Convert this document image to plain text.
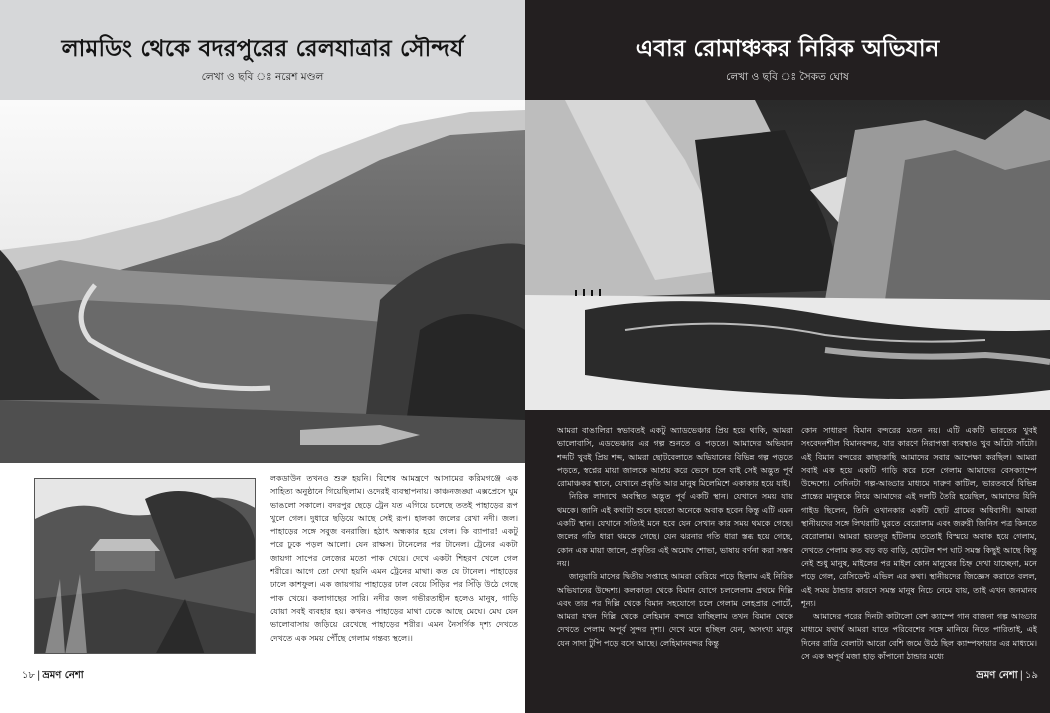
লামডিং থেকে বদরপুরের রেলযাত্রার সৌন্দর্য
লেখা ও ছবি ঃ নরেশ মণ্ডল
লকডাউন তখনও শুরু হয়নি। বিশেষ আমন্ত্রণে আসামের করিমগঞ্জে এক সাহিত্য অনুষ্ঠানে গিয়েছিলাম। ওদেরই ব্যবস্থাপনায়। কাঞ্চনজঙ্ঘা এক্সপ্রেসে ঘুম ভাঙলো সকালে। বদরপুর ছেড়ে ট্রেন যত এগিয়ে চলেছে ততই পাহাড়ের রূপ খুলে গেল। দুধারে ছড়িয়ে আছে সেই রূপ। হালকা জলের রেখা নদী। জল। পাহাড়ের সঙ্গে সবুজ বনরাজি। হঠাৎ অন্ধকার হয়ে গেল। কি ব্যাপার! একটু পরে ঢুকে পড়ল আলো। যেন রাক্ষস। টানেলের পর টানেল। ট্রেনের একটা জায়গা সাপের লেজের মতো পাক খেয়ে। দেখে একটা শিহরণ খেলে গেল শরীরে। আগে তো দেখা হয়নি এমন ট্রেনের মাথা। কত যে টানেল। পাহাড়ের ঢালে কাশফুল। এক জায়গায় পাহাড়ের ঢাল বেয়ে সিঁড়ির পর সিঁড়ি উঠে গেছে পাক খেয়ে। কলাগাছের সারি। নদীর জল গভীরতাহীন হলেও মানুষ, গাড়ি যোয়া সবই ব্যবহার হয়। কখনও পাহাড়ের মাথা ঢেকে আছে মেঘে। মেঘ যেন ভালোবাসায় জড়িয়ে রেখেছে পাহাড়ের শরীর। এমন নৈসর্গিক দৃশ্য দেখতে দেখতে এক সময় পৌঁছে গেলাম গন্তব্য স্থলে।।
১৮ | ভ্রমণ নেশা
এবার রোমাঞ্চকর নিরিক অভিযান
লেখা ও ছবি ঃ সৈকত ঘোষ

আমরা বাঙালিরা স্বভাবতই একটু অ্যাডভেঞ্চার প্রিয় হয়ে থাকি, আমরা ভালোবাসি, এডভেঞ্চার এর গল্প শুনতে ও পড়তে। আমাদের অভিযান শব্দটি খুবই প্রিয় শব্দ, আমরা ছোটবেলাতে অভিযানের বিভিন্ন গল্প পড়তে পড়তে, স্বপ্নের মায়া জালকে আশ্রয় করে ভেসে চলে যাই সেই অদ্ভুত পূর্ব রোমাঞ্চকর স্থানে, যেখানে প্রকৃতি আর মানুষ মিলেমিশে একাকার হয়ে যাই।

নিরিক লাদাখে অবস্থিত অদ্ভুত পূর্ব একটি স্থান। যেখানে সময় যায় থমকে। জানি এই কথাটা শুনে হয়তো অনেকে অবাক হবেন কিন্তু এটি এমন একটি স্থান। যেখানে সত্যিই মনে হবে যেন সেখান কার সময় থমকে গেছে। জলের গতি ধারা থমকে গেছে। যেন ঝরনার গতি ধারা স্তব্ধ হয়ে গেছে, কোন এক মায়া জালে, প্রকৃতির এই অমোঘ শোভা, ভাষায় বর্ণনা করা সম্ভব নয়।

জানুয়ারি মাসের দ্বিতীয় সপ্তাহে আমরা বেরিয়ে পড়ে ছিলাম এই নিরিক অভিযানের উদ্দেশ্য। কলকাতা থেকে বিমান যোগে চললেলাম প্রথমে দিল্লি এবং তার পর দিল্লি থেকে বিমান সহযোগে চলে গেলাম লেহপ্রার পোর্টে, আমরা যখন দিল্লি থেকে লেহিমান বন্দরে যাচ্ছিলাম তখন বিমান থেকে দেখতে পেলাম অপূর্ব সুন্দর দৃশ্য। দেখে মনে হচ্ছিল যেন, অসংখ্য মানুষ যেন সাদা টুপি পড়ে বসে আছে। লেহিমানবন্দর কিন্তু

কোন সাধারণ বিমান বন্দরের মতন নয়। এটি একটি ভারতের খুবই সংবেদনশীল বিমানবন্দর, যার কারণে নিরাপত্তা ব্যবস্থাও খুব আঁটো সাঁটো। এই বিমান বন্দরের কাছাকাছি আমাদের সবার আপেক্ষা করছিল। আমরা সবাই এক হয়ে একটি গাড়ি করে চলে গেলাম আমাদের বেসক্যাম্পে উদ্দেশ্যে। সেদিনটা গল্প-আড্ডার মাধ্যমে দারুণ কাটিল, ভারতবর্ষে বিভিন্ন প্রান্তের মানুষকে নিয়ে আমাদের এই দলটি তৈরি হয়েছিল, আমাদের যিনি গাইড ছিলেন, তিনি ওখানকার একটি ছোট গ্রামের অধিবাসী। আমরা স্থানীয়দের সঙ্গে লিখরাটি ঘুরতে বেরোলাম এবং জরুরী জিনিস পত্র কিনতে বেরোলাম। আমরা হয়তদূর হাঁটলাম ততোই বিস্ময়ে অবাক হয়ে গেলাম, দেখতে পেলাম কত বড় বড় বাড়ি, হোটেল শপ ঘাট সমস্ত কিছুই আছে কিন্তু নেই শুধু মানুষ, মাইলের পর মাইল কোন মানুষের চিহ্ন দেখা যাচ্ছেনা, মনে পড়ে গেল, রেসিডেন্ট এভিল এর কথা। স্থানীয়দের জিজ্ঞেস করাতে বলল, এই সময় ঠান্ডার কারণে সমস্ত মানুষ নিচে নেমে যায়, তাই এখন জনমানব শূন্য।

আমাদের পরের দিনটা কাটালো বেশ ক্যাম্পে গান বাজনা গল্প আড্ডার মাধ্যমে যথার্থ আমরা যাতে পরিবেশের সঙ্গে মানিয়ে নিতে পারিতাই, এই দিনের রাত্রি বেলাটা আরো বেশি জমে উঠে ছিল ক্যাম্পফায়ার এর মাধ্যমে। সে এক অপূর্ব মজা হাড় কাঁপানো ঠান্ডার মধ্যে

ভ্রমণ নেশা | ১৯
